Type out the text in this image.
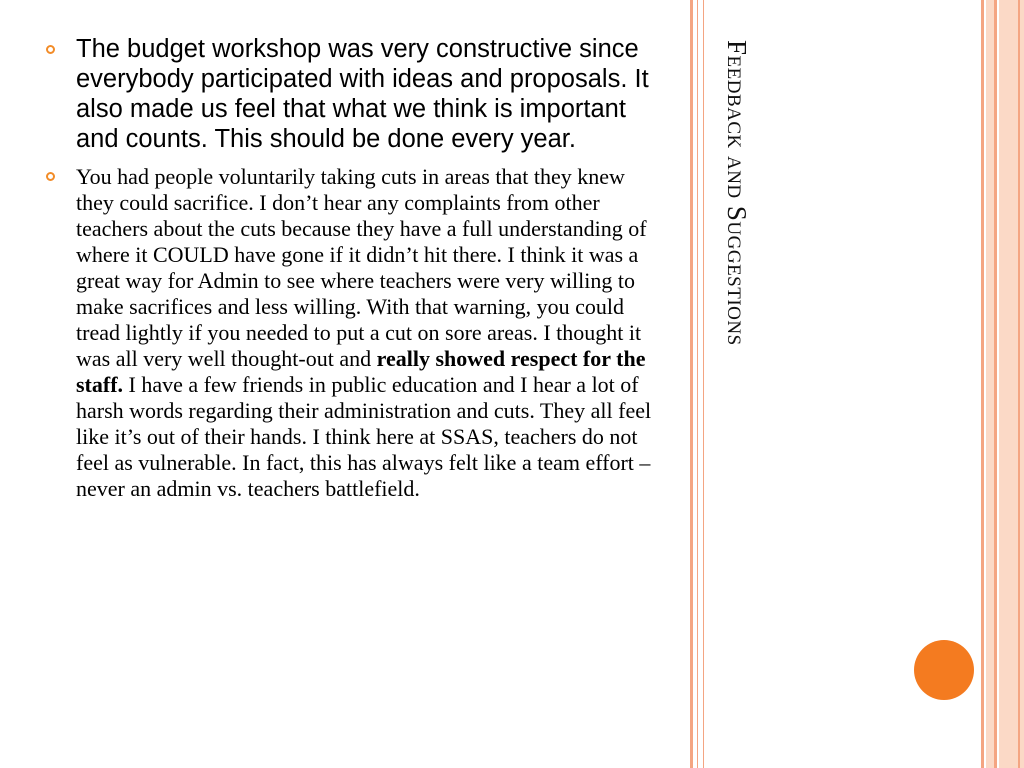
The budget workshop was very constructive since everybody participated with ideas and proposals. It also made us feel that what we think is important and counts. This should be done every year.
You had people voluntarily taking cuts in areas that they knew they could sacrifice. I don’t hear any complaints from other teachers about the cuts because they have a full understanding of where it COULD have gone if it didn’t hit there. I think it was a great way for Admin to see where teachers were very willing to make sacrifices and less willing. With that warning, you could tread lightly if you needed to put a cut on sore areas. I thought it was all very well thought-out and really showed respect for the staff. I have a few friends in public education and I hear a lot of harsh words regarding their administration and cuts. They all feel like it’s out of their hands. I think here at SSAS, teachers do not feel as vulnerable. In fact, this has always felt like a team effort – never an admin vs. teachers battlefield.
Feedback and Suggestions
